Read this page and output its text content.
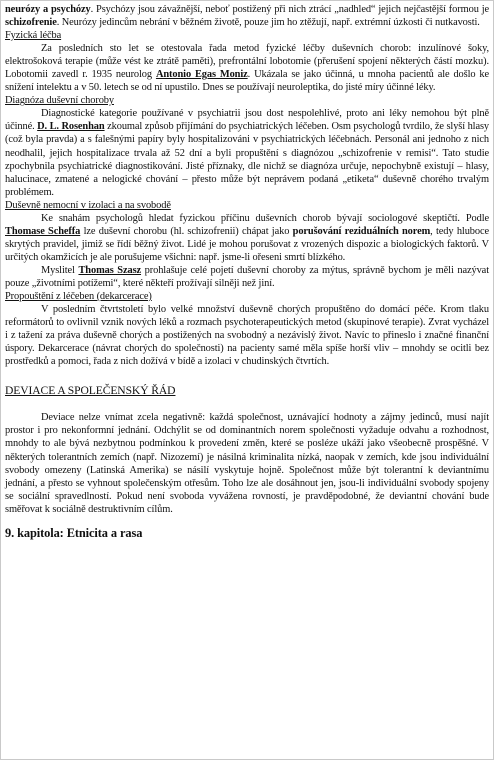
neurózy a psychózy. Psychózy jsou závažnější, neboť postižený při nich ztrácí „nadhled“ jejich nejčastější formou je schizofrenie. Neurózy jedincům nebrání v běžném životě, pouze jim ho ztěžují, např. extrémní úzkosti či nutkavosti.

Fyzická léčba

Za posledních sto let se otestovala řada metod fyzické léčby duševních chorob: inzulínové šoky, elektrošoková terapie (může vést ke ztrátě paměti), prefrontální lobotomie (přerušení spojení některých částí mozku). Lobotomii zavedl r. 1935 neurolog Antonio Egas Moniz. Ukázala se jako účinná, u mnoha pacientů ale došlo ke snížení intelektu a v 50. letech se od ní upustilo. Dnes se používají neuroleptika, do jisté míry účinné léky.

Diagnóza duševní choroby

Diagnostické kategorie používané v psychiatrii jsou dost nespolehlivé, proto ani léky nemohou být plně účinné. D. L. Rosenhan zkoumal způsob přijímání do psychiatrických léčeben. Osm psychologů tvrdilo, že slyší hlasy (což byla pravda) a s falešnými papíry byly hospitalizováni v psychiatrických léčebnách. Personál ani jednoho z nich neodhalil, jejich hospitalizace trvala až 52 dní a byli propuštění s diagnózou „schizofrenie v remisi“. Tato studie zpochybnila psychiatrické diagnostikování. Jisté příznaky, dle nichž se diagnóza určuje, nepochybně existují – hlasy, halucinace, zmatené a nelogické chování – přesto může být neprávem podaná „etiketa“ duševně chorého trvalým problémem.

Duševně nemocní v izolaci a na svobodě

Ke snahám psychologů hledat fyzickou příčinu duševních chorob bývají sociologové skeptičtí. Podle Thomase Scheffa lze duševní chorobu (hl. schizofrenii) chápat jako porušování reziduálních norem, tedy hluboce skrytých pravidel, jimiž se řídí běžný život. Lidé je mohou porušovat z vrozených dispozic a biologických faktorů. V určitých okamžicích je ale porušujeme všichni: např. jsme-li ořeseni smrtí blízkého.

Myslitel Thomas Szasz prohlašuje celé pojetí duševní choroby za mýtus, správně bychom je měli nazývat pouze „životními potížemi“, které někteří prožívají silněji než jiní.

Propouštění z léčeben (dekarcerace)

V posledním čtvrtstoletí bylo velké množství duševně chorých propuštěno do domácí péče. Krom tlaku reformátorů to ovlivnil vznik nových léků a rozmach psychoterapeutických metod (skupinové terapie). Zvrat vycházel i z tažení za práva duševně chorých a postižených na svobodný a nezávislý život. Navíc to přineslo i značné finanční úspory. Dekarcerace (návrat chorých do společnosti) na pacienty samé měla spíše horší vliv – mnohdy se ocitli bez prostředků a pomoci, řada z nich dožívá v bídě a izolaci v chudinských čtvrtích.

DEVIACE A SPOLEČENSKÝ ŘÁD

Deviace nelze vnímat zcela negativně: každá společnost, uznávající hodnoty a zájmy jedinců, musí najít prostor i pro nekonformní jednání. Odchýlit se od dominantních norem společnosti vyžaduje odvahu a rozhodnost, mnohdy to ale bývá nezbytnou podmínkou k provedení změn, které se posléze ukáží jako všeobecně prospěšné. V některých tolerantních zemích (např. Nizozemí) je násilná kriminalita nízká, naopak v zemích, kde jsou individuální svobody omezeny (Latinská Amerika) se násilí vyskytuje hojně. Společnost může být tolerantní k deviantnímu jednání, a přesto se vyhnout společenským otřesům. Toho lze ale dosáhnout jen, jsou-li individuální svobody spojeny se sociální spravedlností. Pokud není svoboda vyvážena rovností, je pravděpodobné, že deviantní chování bude směřovat k sociálně destruktivním cílům.

9. kapitola: Etnicita a rasa
